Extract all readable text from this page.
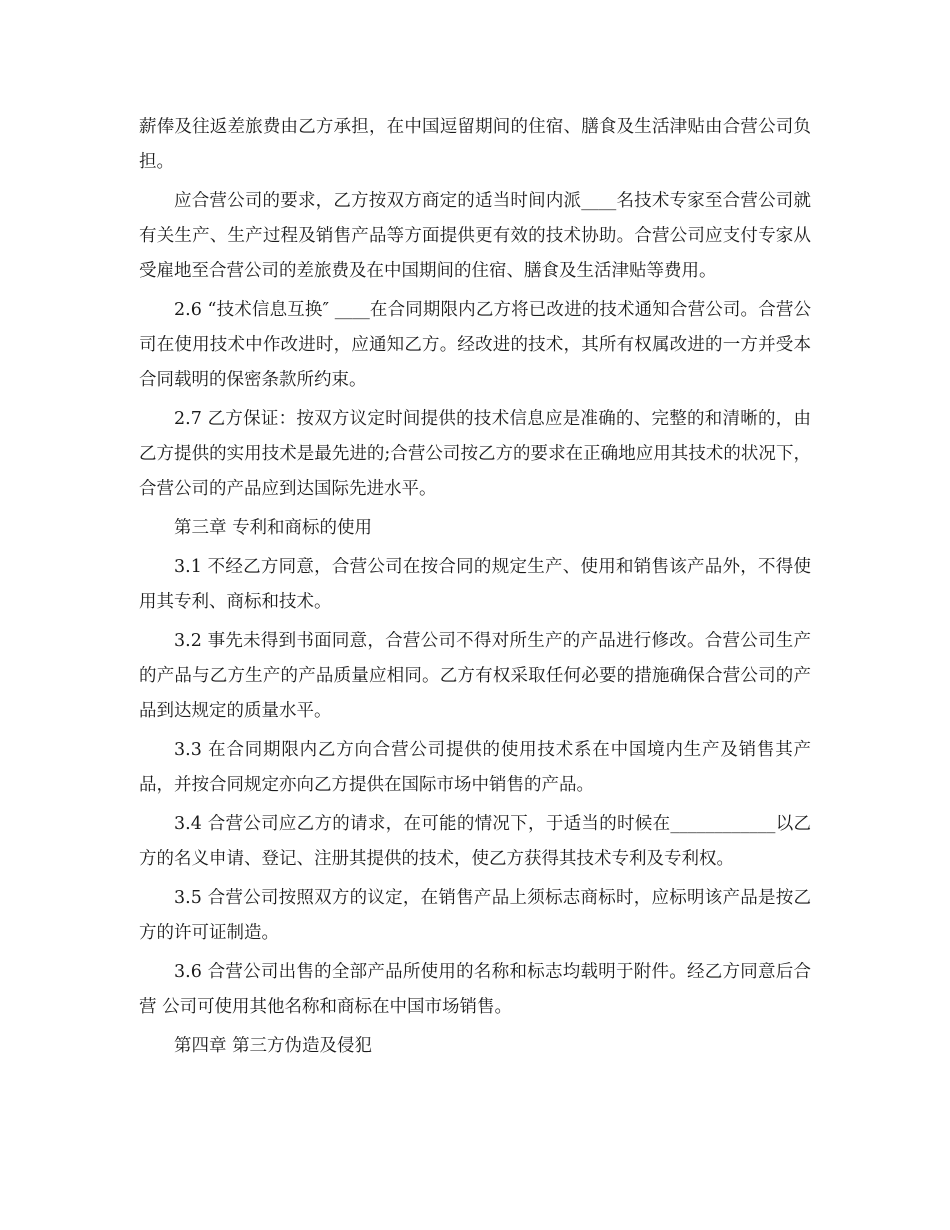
薪俸及往返差旅费由乙方承担，在中国逗留期间的住宿、膳食及生活津贴由合营公司负担。

应合营公司的要求，乙方按双方商定的适当时间内派____名技术专家至合营公司就有关生产、生产过程及销售产品等方面提供更有效的技术协助。合营公司应支付专家从受雇地至合营公司的差旅费及在中国期间的住宿、膳食及生活津贴等费用。

2.6 “技术信息互换″ ____在合同期限内乙方将已改进的技术通知合营公司。合营公司在使用技术中作改进时，应通知乙方。经改进的技术，其所有权属改进的一方并受本合同载明的保密条款所约束。

2.7 乙方保证：按双方议定时间提供的技术信息应是准确的、完整的和清晰的，由乙方提供的实用技术是最先进的;合营公司按乙方的要求在正确地应用其技术的状况下，合营公司的产品应到达国际先进水平。

第三章 专利和商标的使用

3.1 不经乙方同意，合营公司在按合同的规定生产、使用和销售该产品外，不得使用其专利、商标和技术。

3.2 事先未得到书面同意，合营公司不得对所生产的产品进行修改。合营公司生产的产品与乙方生产的产品质量应相同。乙方有权采取任何必要的措施确保合营公司的产品到达规定的质量水平。

3.3 在合同期限内乙方向合营公司提供的使用技术系在中国境内生产及销售其产品，并按合同规定亦向乙方提供在国际市场中销售的产品。

3.4 合营公司应乙方的请求，在可能的情况下，于适当的时候在____________以乙方的名义申请、登记、注册其提供的技术，使乙方获得其技术专利及专利权。

3.5 合营公司按照双方的议定，在销售产品上须标志商标时，应标明该产品是按乙方的许可证制造。

3.6 合营公司出售的全部产品所使用的名称和标志均载明于附件。经乙方同意后合营 公司可使用其他名称和商标在中国市场销售。

第四章 第三方伪造及侵犯
